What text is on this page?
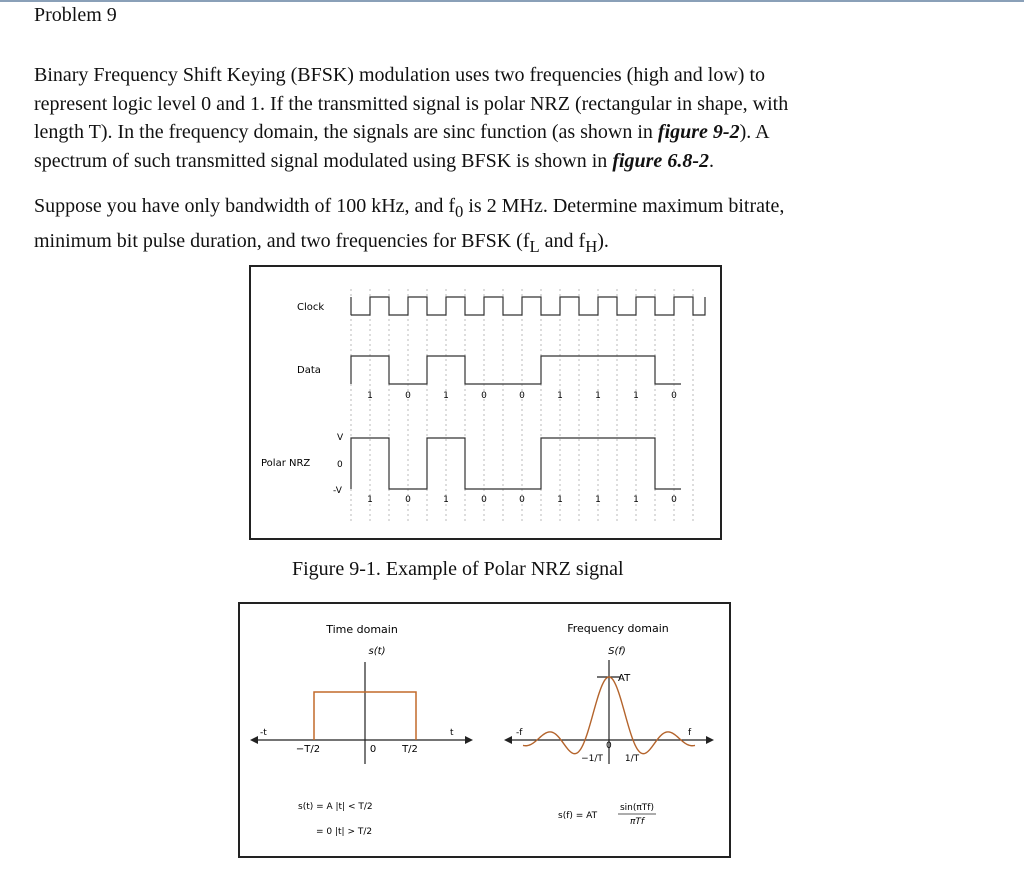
Problem 9
Binary Frequency Shift Keying (BFSK) modulation uses two frequencies (high and low) to
represent logic level 0 and 1. If the transmitted signal is polar NRZ (rectangular in shape, with
length T). In the frequency domain, the signals are sinc function (as shown in figure 9-2). A
spectrum of such transmitted signal modulated using BFSK is shown in figure 6.8-2.
Suppose you have only bandwidth of 100 kHz, and $f_0$ is 2 MHz. Determine maximum bitrate,
minimum bit pulse duration, and two frequencies for BFSK ($f_L$ and $f_H$).
Clock
Data
Polar NRZ
V
0
-V
1	0	1	0	0	1	1	1	0
1	0	1	0	0	1	1	1	0
Figure 9-1. Example of Polar NRZ signal
Time domain
s(t)
t
-t
−T/2	0	T/2
s(t) = A |t| < T/2
= 0 |t| > T/2
Frequency domain
S(f)
AT
f
-f
0
−1/T 1/T
s(f) = AT
sin(πTf)
πTf
